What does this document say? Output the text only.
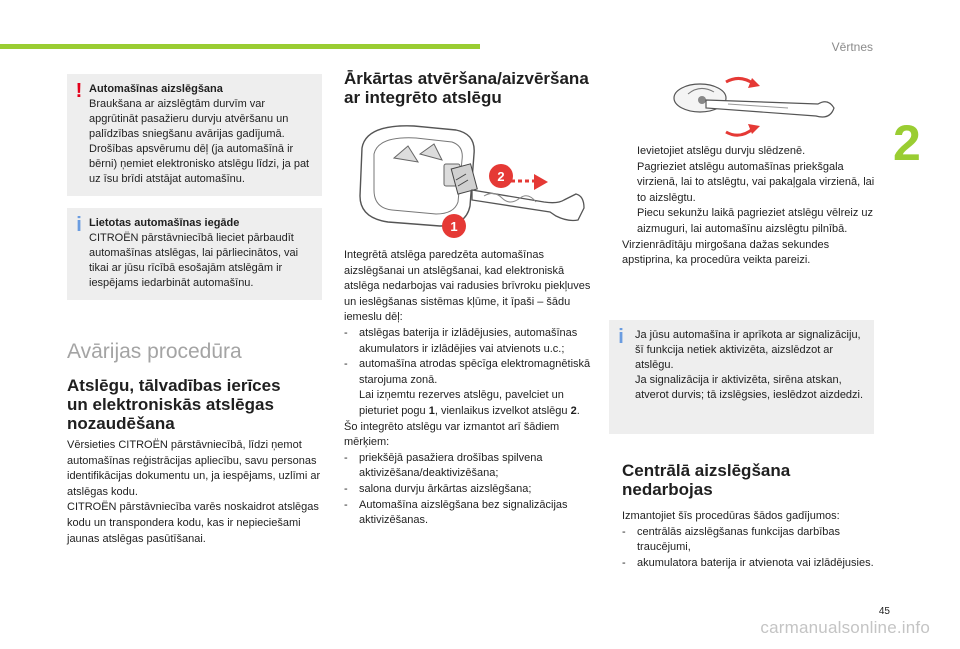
Vērtnes
2
45
carmanualsonline.info
! Automašīnas aizslēgšana
Braukšana ar aizslēgtām durvīm var apgrūtināt pasažieru durvju atvēršanu un palīdzības sniegšanu avārijas gadījumā. Drošības apsvērumu dēļ (ja automašīnā ir bērni) ņemiet elektronisko atslēgu līdzi, ja pat uz īsu brīdi atstājat automašīnu.
i Lietotas automašīnas iegāde
CITROËN pārstāvniecībā lieciet pārbaudīt automašīnas atslēgas, lai pārliecinātos, vai tikai ar jūsu rīcībā esošajām atslēgām ir iespējams iedarbināt automašīnu.
Avārijas procedūra
Atslēgu, tālvadības ierīces
un elektroniskās atslēgas
nozaudēšana

Vērsieties CITROËN pārstāvniecībā, līdzi ņemot automašīnas reģistrācijas apliecību, savu personas identifikācijas dokumentu un, ja iespējams, uzlīmi ar atslēgas kodu.

CITROËN pārstāvniecība varēs noskaidrot atslēgas kodu un transpondera kodu, kas ir nepieciešami jaunas atslēgas pasūtīšanai.

Ārkārtas atvēršana/aizvēršana
ar integrēto atslēgu
1
2

Integrētā atslēga paredzēta automašīnas aizslēgšanai un atslēgšanai, kad elektroniskā atslēga nedarbojas vai radusies brīvroku piekļuves un ieslēgšanas sistēmas kļūme, it īpaši – šādu iemeslu dēļ:

- atslēgas baterija ir izlādējusies, automašīnas akumulators ir izlādējies vai atvienots u.c.;

- automašīna atrodas spēcīga elektromagnētiskā starojuma zonā.

Lai izņemtu rezerves atslēgu, pavelciet un pieturiet pogu 1, vienlaikus izvelkot atslēgu 2.

Šo integrēto atslēgu var izmantot arī šādiem mērķiem:

- priekšējā pasažiera drošības spilvena aktivizēšana/deaktivizēšana;

- salona durvju ārkārtas aizslēgšana;

- Automašīna aizslēgšana bez signalizācijas aktivizēšanas.

Ievietojiet atslēgu durvju slēdzenē.

Pagrieziet atslēgu automašīnas priekšgala virzienā, lai to atslēgtu, vai pakaļgala virzienā, lai to aizslēgtu.

Piecu sekunžu laikā pagrieziet atslēgu vēlreiz uz aizmuguri, lai automašīnu aizslēgtu pilnībā.

Virzienrādītāju mirgošana dažas sekundes apstiprina, ka procedūra veikta pareizi.

i Ja jūsu automašīna ir aprīkota ar signalizāciju, šī funkcija netiek aktivizēta, aizslēdzot ar atslēgu.
Ja signalizācija ir aktivizēta, sirēna atskan, atverot durvis; tā izslēgsies, ieslēdzot aizdedzi.
Centrālā aizslēgšana
nedarbojas

Izmantojiet šīs procedūras šādos gadījumos:

- centrālās aizslēgšanas funkcijas darbības traucējumi,

- akumulatora baterija ir atvienota vai izlādējusies.
